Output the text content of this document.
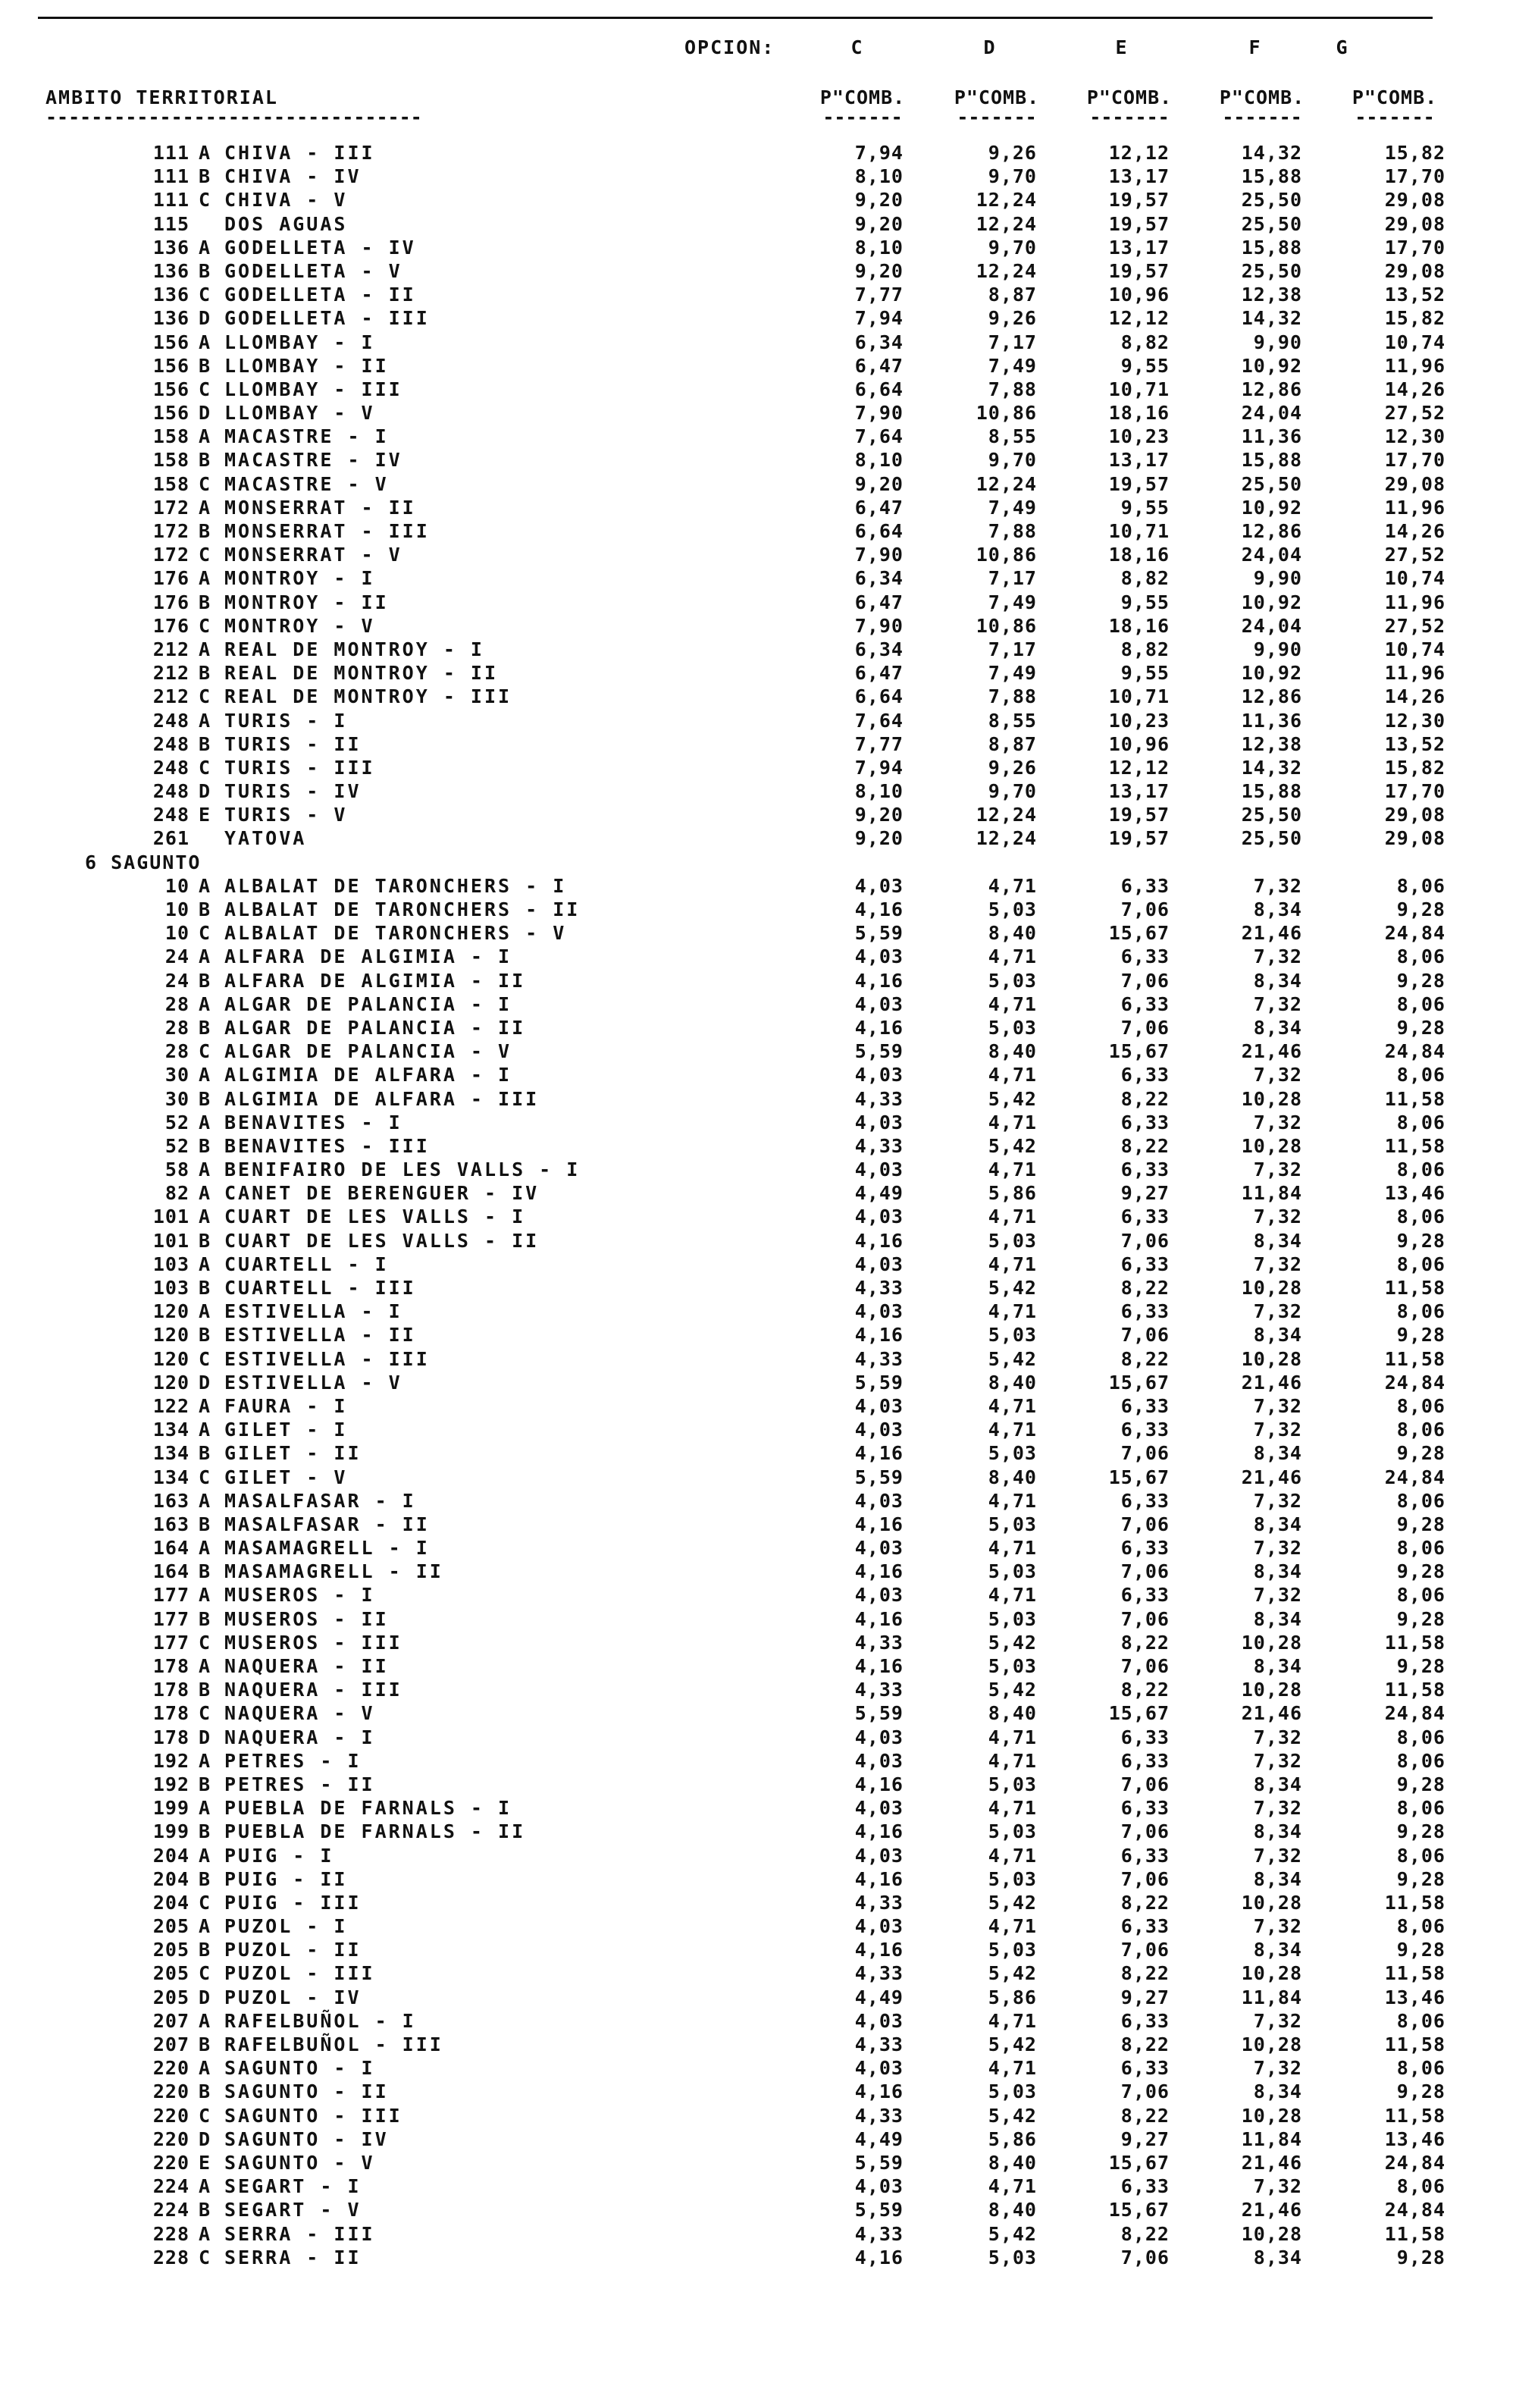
OPCION:	C	D	E	F	G
AMBITO TERRITORIAL
---------------------------------
P"COMB.	P"COMB.	P"COMB.	P"COMB.	P"COMB.
-------	-------	-------	-------	-------
111 A CHIVA - III	7,94	9,26	12,12	14,32	15,82
111 B CHIVA - IV	8,10	9,70	13,17	15,88	17,70
111 C CHIVA - V	9,20	12,24	19,57	25,50	29,08
115 DOS AGUAS	9,20	12,24	19,57	25,50	29,08
136 A GODELLETA - IV	8,10	9,70	13,17	15,88	17,70
136 B GODELLETA - V	9,20	12,24	19,57	25,50	29,08
136 C GODELLETA - II	7,77	8,87	10,96	12,38	13,52
136 D GODELLETA - III	7,94	9,26	12,12	14,32	15,82
156 A LLOMBAY - I	6,34	7,17	8,82	9,90	10,74
156 B LLOMBAY - II	6,47	7,49	9,55	10,92	11,96
156 C LLOMBAY - III	6,64	7,88	10,71	12,86	14,26
156 D LLOMBAY - V	7,90	10,86	18,16	24,04	27,52
158 A MACASTRE - I	7,64	8,55	10,23	11,36	12,30
158 B MACASTRE - IV	8,10	9,70	13,17	15,88	17,70
158 C MACASTRE - V	9,20	12,24	19,57	25,50	29,08
172 A MONSERRAT - II	6,47	7,49	9,55	10,92	11,96
172 B MONSERRAT - III	6,64	7,88	10,71	12,86	14,26
172 C MONSERRAT - V	7,90	10,86	18,16	24,04	27,52
176 A MONTROY - I	6,34	7,17	8,82	9,90	10,74
176 B MONTROY - II	6,47	7,49	9,55	10,92	11,96
176 C MONTROY - V	7,90	10,86	18,16	24,04	27,52
212 A REAL DE MONTROY - I	6,34	7,17	8,82	9,90	10,74
212 B REAL DE MONTROY - II	6,47	7,49	9,55	10,92	11,96
212 C REAL DE MONTROY - III	6,64	7,88	10,71	12,86	14,26
248 A TURIS - I	7,64	8,55	10,23	11,36	12,30
248 B TURIS - II	7,77	8,87	10,96	12,38	13,52
248 C TURIS - III	7,94	9,26	12,12	14,32	15,82
248 D TURIS - IV	8,10	9,70	13,17	15,88	17,70
248 E TURIS - V	9,20	12,24	19,57	25,50	29,08
261 YATOVA	9,20	12,24	19,57	25,50	29,08
6 SAGUNTO
10 A ALBALAT DE TARONCHERS - I	4,03	4,71	6,33	7,32	8,06
10 B ALBALAT DE TARONCHERS - II	4,16	5,03	7,06	8,34	9,28
10 C ALBALAT DE TARONCHERS - V	5,59	8,40	15,67	21,46	24,84
24 A ALFARA DE ALGIMIA - I	4,03	4,71	6,33	7,32	8,06
24 B ALFARA DE ALGIMIA - II	4,16	5,03	7,06	8,34	9,28
28 A ALGAR DE PALANCIA - I	4,03	4,71	6,33	7,32	8,06
28 B ALGAR DE PALANCIA - II	4,16	5,03	7,06	8,34	9,28
28 C ALGAR DE PALANCIA - V	5,59	8,40	15,67	21,46	24,84
30 A ALGIMIA DE ALFARA - I	4,03	4,71	6,33	7,32	8,06
30 B ALGIMIA DE ALFARA - III	4,33	5,42	8,22	10,28	11,58
52 A BENAVITES - I	4,03	4,71	6,33	7,32	8,06
52 B BENAVITES - III	4,33	5,42	8,22	10,28	11,58
58 A BENIFAIRO DE LES VALLS - I	4,03	4,71	6,33	7,32	8,06
82 A CANET DE BERENGUER - IV	4,49	5,86	9,27	11,84	13,46
101 A CUART DE LES VALLS - I	4,03	4,71	6,33	7,32	8,06
101 B CUART DE LES VALLS - II	4,16	5,03	7,06	8,34	9,28
103 A CUARTELL - I	4,03	4,71	6,33	7,32	8,06
103 B CUARTELL - III	4,33	5,42	8,22	10,28	11,58
120 A ESTIVELLA - I	4,03	4,71	6,33	7,32	8,06
120 B ESTIVELLA - II	4,16	5,03	7,06	8,34	9,28
120 C ESTIVELLA - III	4,33	5,42	8,22	10,28	11,58
120 D ESTIVELLA - V	5,59	8,40	15,67	21,46	24,84
122 A FAURA - I	4,03	4,71	6,33	7,32	8,06
134 A GILET - I	4,03	4,71	6,33	7,32	8,06
134 B GILET - II	4,16	5,03	7,06	8,34	9,28
134 C GILET - V	5,59	8,40	15,67	21,46	24,84
163 A MASALFASAR - I	4,03	4,71	6,33	7,32	8,06
163 B MASALFASAR - II	4,16	5,03	7,06	8,34	9,28
164 A MASAMAGRELL - I	4,03	4,71	6,33	7,32	8,06
164 B MASAMAGRELL - II	4,16	5,03	7,06	8,34	9,28
177 A MUSEROS - I	4,03	4,71	6,33	7,32	8,06
177 B MUSEROS - II	4,16	5,03	7,06	8,34	9,28
177 C MUSEROS - III	4,33	5,42	8,22	10,28	11,58
178 A NAQUERA - II	4,16	5,03	7,06	8,34	9,28
178 B NAQUERA - III	4,33	5,42	8,22	10,28	11,58
178 C NAQUERA - V	5,59	8,40	15,67	21,46	24,84
178 D NAQUERA - I	4,03	4,71	6,33	7,32	8,06
192 A PETRES - I	4,03	4,71	6,33	7,32	8,06
192 B PETRES - II	4,16	5,03	7,06	8,34	9,28
199 A PUEBLA DE FARNALS - I	4,03	4,71	6,33	7,32	8,06
199 B PUEBLA DE FARNALS - II	4,16	5,03	7,06	8,34	9,28
204 A PUIG - I	4,03	4,71	6,33	7,32	8,06
204 B PUIG - II	4,16	5,03	7,06	8,34	9,28
204 C PUIG - III	4,33	5,42	8,22	10,28	11,58
205 A PUZOL - I	4,03	4,71	6,33	7,32	8,06
205 B PUZOL - II	4,16	5,03	7,06	8,34	9,28
205 C PUZOL - III	4,33	5,42	8,22	10,28	11,58
205 D PUZOL - IV	4,49	5,86	9,27	11,84	13,46
207 A RAFELBUÑOL - I	4,03	4,71	6,33	7,32	8,06
207 B RAFELBUÑOL - III	4,33	5,42	8,22	10,28	11,58
220 A SAGUNTO - I	4,03	4,71	6,33	7,32	8,06
220 B SAGUNTO - II	4,16	5,03	7,06	8,34	9,28
220 C SAGUNTO - III	4,33	5,42	8,22	10,28	11,58
220 D SAGUNTO - IV	4,49	5,86	9,27	11,84	13,46
220 E SAGUNTO - V	5,59	8,40	15,67	21,46	24,84
224 A SEGART - I	4,03	4,71	6,33	7,32	8,06
224 B SEGART - V	5,59	8,40	15,67	21,46	24,84
228 A SERRA - III	4,33	5,42	8,22	10,28	11,58
228 C SERRA - II	4,16	5,03	7,06	8,34	9,28
